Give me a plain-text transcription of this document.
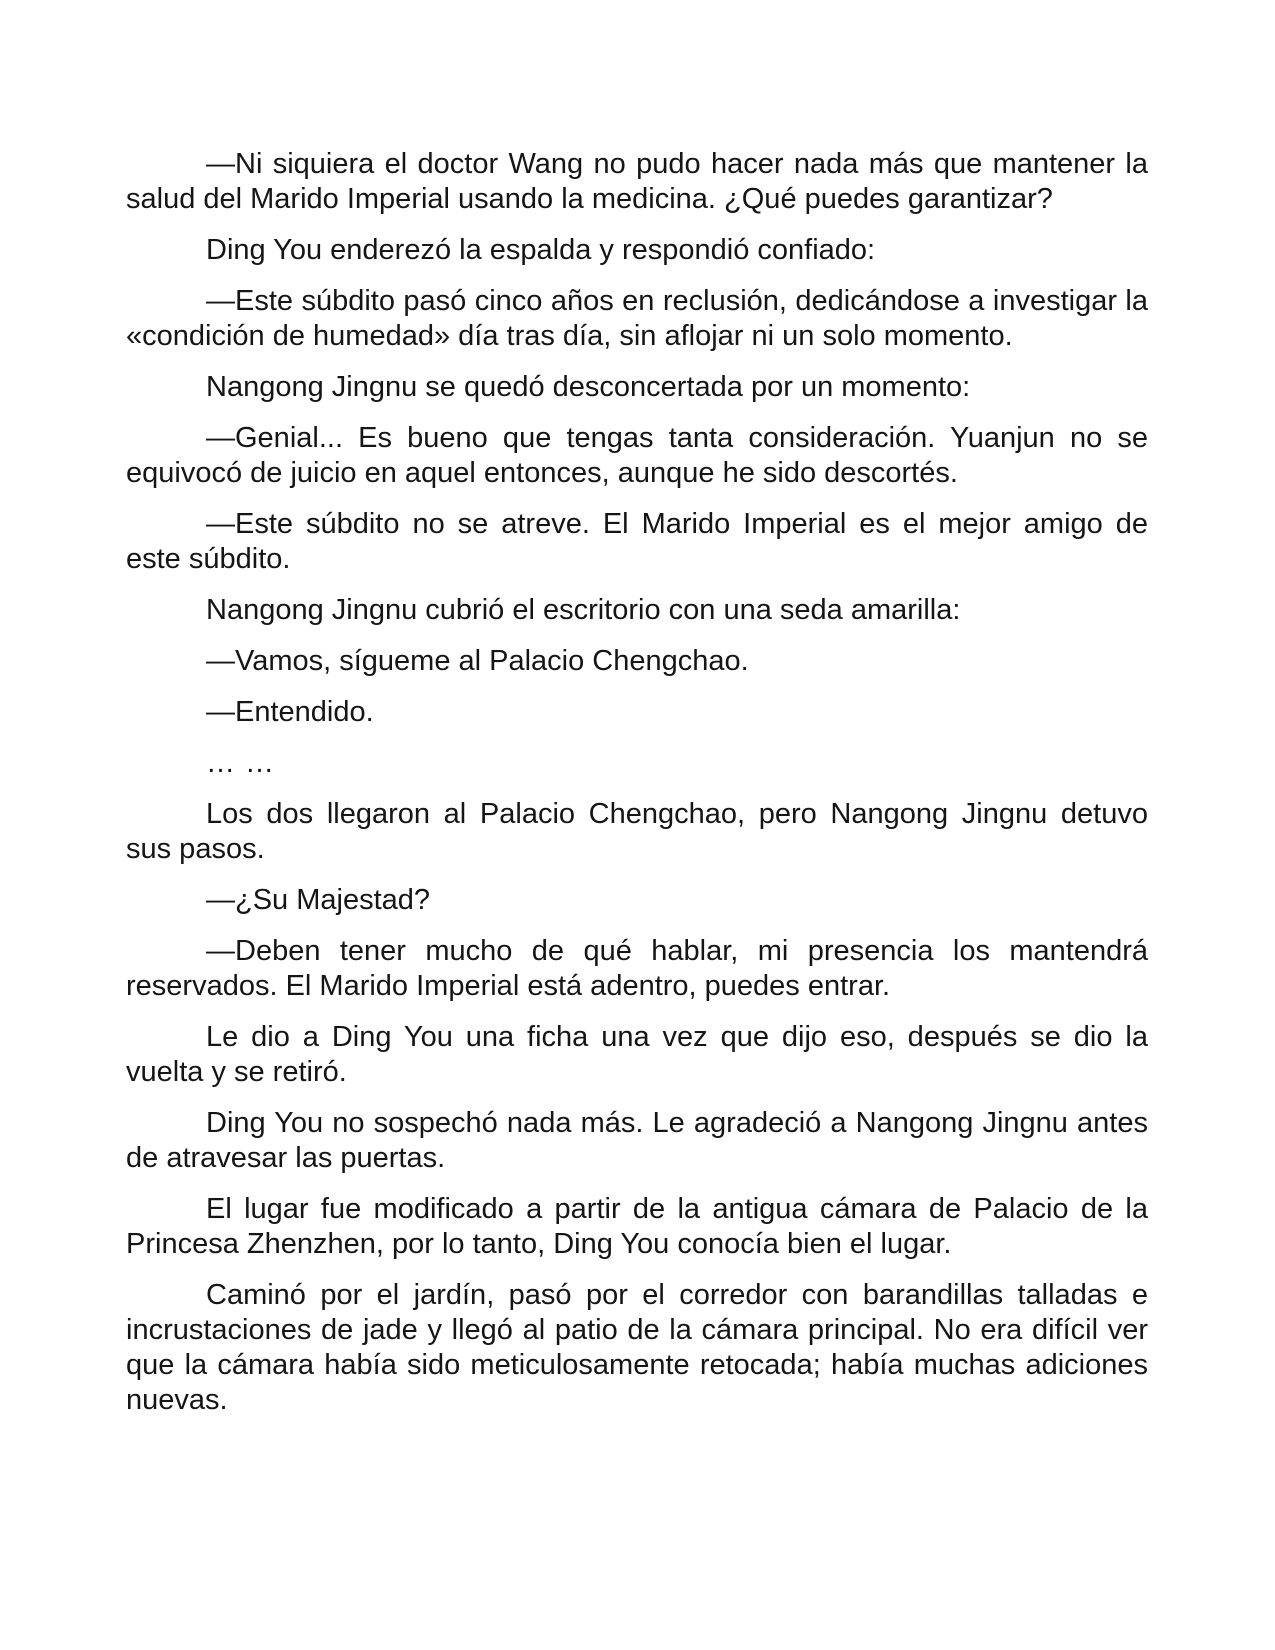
—Ni siquiera el doctor Wang no pudo hacer nada más que mantener la salud del Marido Imperial usando la medicina. ¿Qué puedes garantizar?

Ding You enderezó la espalda y respondió confiado:

—Este súbdito pasó cinco años en reclusión, dedicándose a investigar la «condición de humedad» día tras día, sin aflojar ni un solo momento.

Nangong Jingnu se quedó desconcertada por un momento:

—Genial... Es bueno que tengas tanta consideración. Yuanjun no se equivocó de juicio en aquel entonces, aunque he sido descortés.

—Este súbdito no se atreve. El Marido Imperial es el mejor amigo de este súbdito.

Nangong Jingnu cubrió el escritorio con una seda amarilla:

—Vamos, sígueme al Palacio Chengchao.

—Entendido.

… …

Los dos llegaron al Palacio Chengchao, pero Nangong Jingnu detuvo sus pasos.

—¿Su Majestad?

—Deben tener mucho de qué hablar, mi presencia los mantendrá reservados. El Marido Imperial está adentro, puedes entrar.

Le dio a Ding You una ficha una vez que dijo eso, después se dio la vuelta y se retiró.

Ding You no sospechó nada más. Le agradeció a Nangong Jingnu antes de atravesar las puertas.

El lugar fue modificado a partir de la antigua cámara de Palacio de la Princesa Zhenzhen, por lo tanto, Ding You conocía bien el lugar.

Caminó por el jardín, pasó por el corredor con barandillas talladas e incrustaciones de jade y llegó al patio de la cámara principal. No era difícil ver que la cámara había sido meticulosamente retocada; había muchas adiciones nuevas.
